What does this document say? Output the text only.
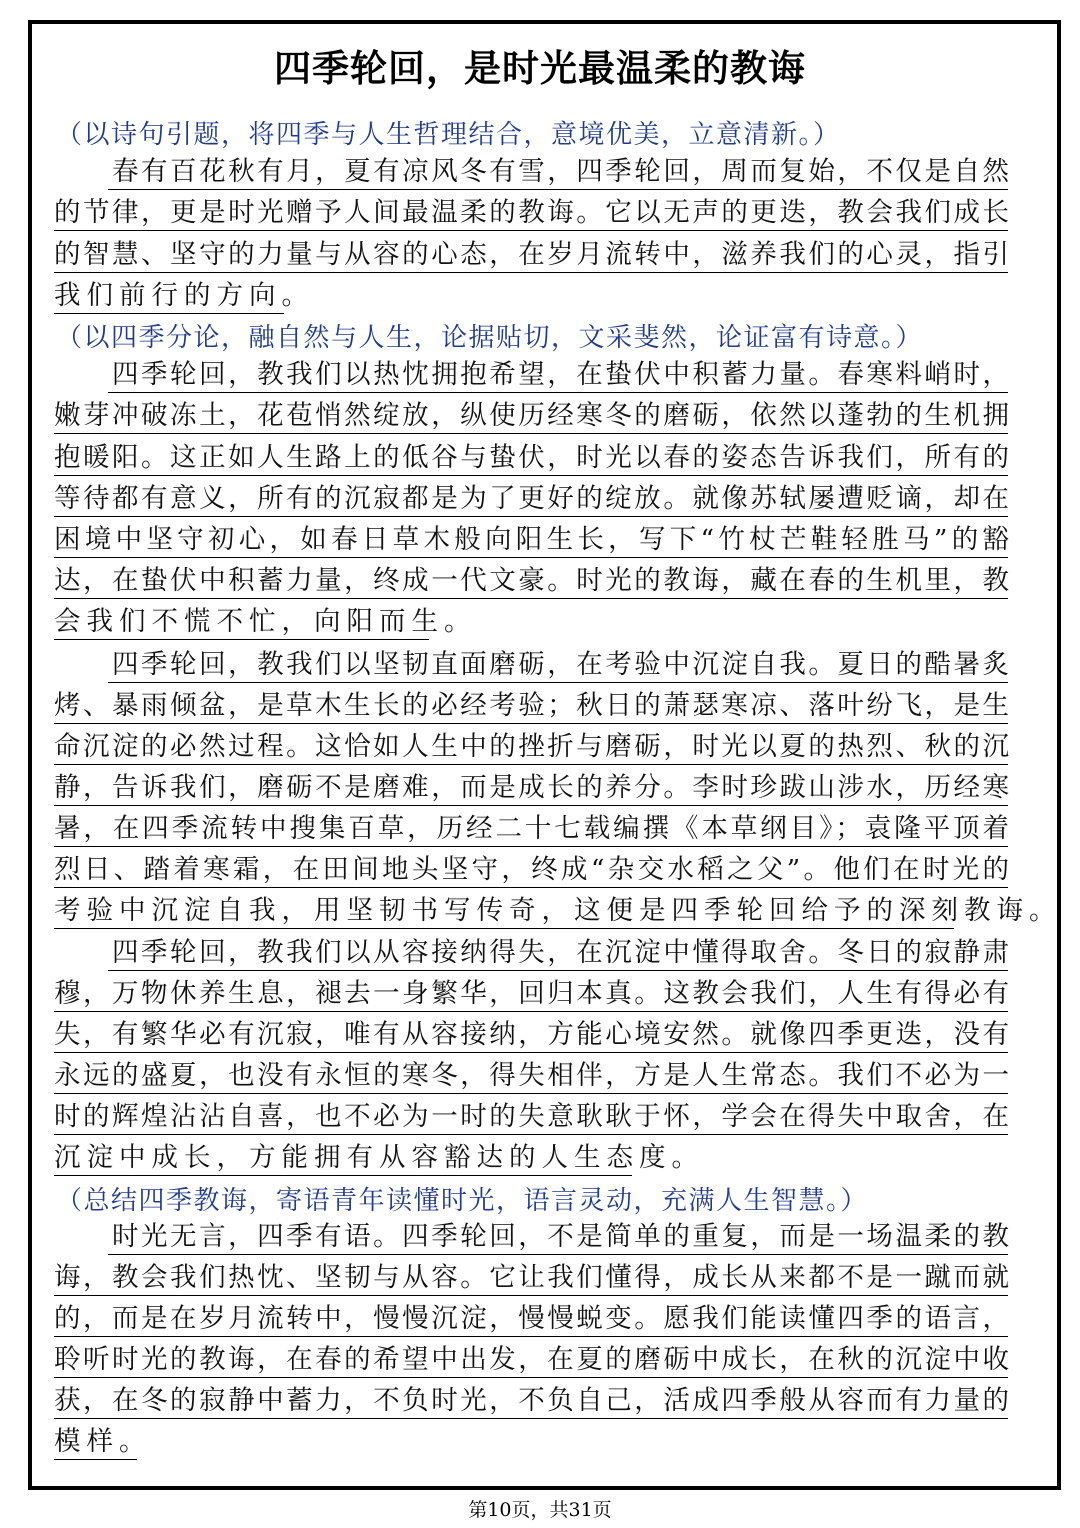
四季轮回，是时光最温柔的教诲
（以诗句引题，将四季与人生哲理结合，意境优美，立意清新。）
（以四季分论，融自然与人生，论据贴切，文采斐然，论证富有诗意。）
（总结四季教诲，寄语青年读懂时光，语言灵动，充满人生智慧。）
　　春有百花秋有月，夏有凉风冬有雪，四季轮回，周而复始，不仅是自然
的节律，更是时光赠予人间最温柔的教诲。它以无声的更迭，教会我们成长
的智慧、坚守的力量与从容的心态，在岁月流转中，滋养我们的心灵，指引
我们前行的方向。
　　四季轮回，教我们以热忱拥抱希望，在蛰伏中积蓄力量。春寒料峭时，
嫩芽冲破冻土，花苞悄然绽放，纵使历经寒冬的磨砺，依然以蓬勃的生机拥
抱暖阳。这正如人生路上的低谷与蛰伏，时光以春的姿态告诉我们，所有的
等待都有意义，所有的沉寂都是为了更好的绽放。就像苏轼屡遭贬谪，却在
困境中坚守初心，如春日草木般向阳生长，写下“竹杖芒鞋轻胜马”的豁
达，在蛰伏中积蓄力量，终成一代文豪。时光的教诲，藏在春的生机里，教
会我们不慌不忙，向阳而生。
　　四季轮回，教我们以坚韧直面磨砺，在考验中沉淀自我。夏日的酷暑炙
烤、暴雨倾盆，是草木生长的必经考验；秋日的萧瑟寒凉、落叶纷飞，是生
命沉淀的必然过程。这恰如人生中的挫折与磨砺，时光以夏的热烈、秋的沉
静，告诉我们，磨砺不是磨难，而是成长的养分。李时珍跋山涉水，历经寒
暑，在四季流转中搜集百草，历经二十七载编撰《本草纲目》；袁隆平顶着
烈日、踏着寒霜，在田间地头坚守，终成“杂交水稻之父”。他们在时光的
考验中沉淀自我，用坚韧书写传奇，这便是四季轮回给予的深刻教诲。
　　四季轮回，教我们以从容接纳得失，在沉淀中懂得取舍。冬日的寂静肃
穆，万物休养生息，褪去一身繁华，回归本真。这教会我们，人生有得必有
失，有繁华必有沉寂，唯有从容接纳，方能心境安然。就像四季更迭，没有
永远的盛夏，也没有永恒的寒冬，得失相伴，方是人生常态。我们不必为一
时的辉煌沾沾自喜，也不必为一时的失意耿耿于怀，学会在得失中取舍，在
沉淀中成长，方能拥有从容豁达的人生态度。
　　时光无言，四季有语。四季轮回，不是简单的重复，而是一场温柔的教
诲，教会我们热忱、坚韧与从容。它让我们懂得，成长从来都不是一蹴而就
的，而是在岁月流转中，慢慢沉淀，慢慢蜕变。愿我们能读懂四季的语言，
聆听时光的教诲，在春的希望中出发，在夏的磨砺中成长，在秋的沉淀中收
获，在冬的寂静中蓄力，不负时光，不负自己，活成四季般从容而有力量的
模样。
第10页，共31页
